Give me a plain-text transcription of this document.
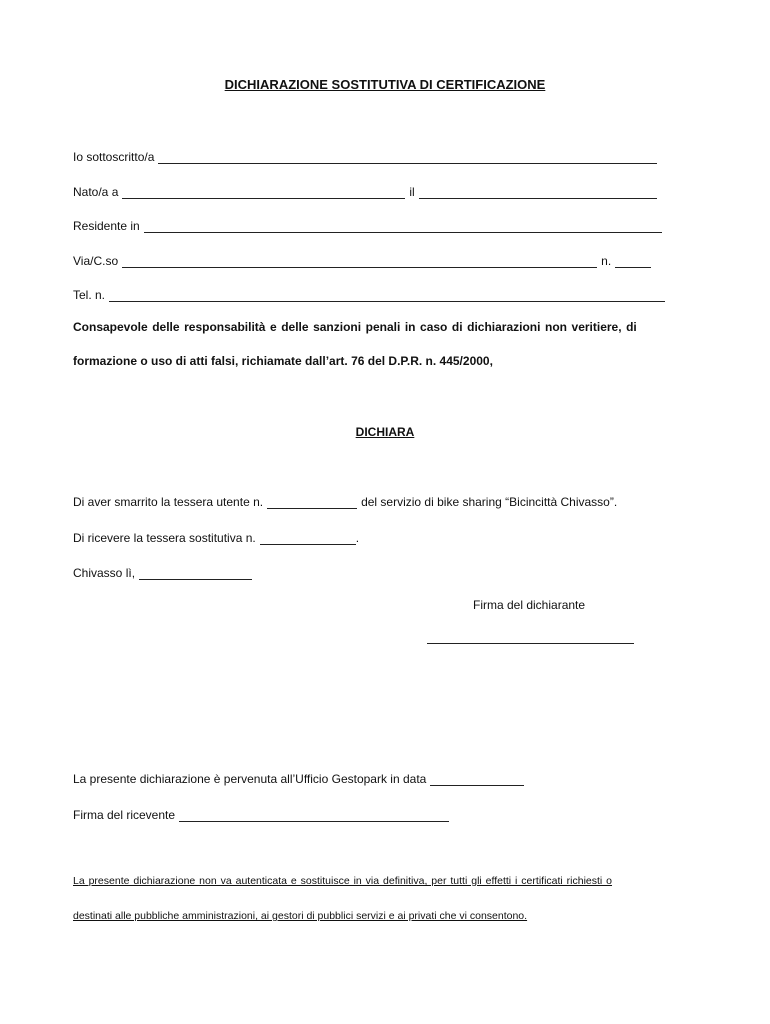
DICHIARAZIONE SOSTITUTIVA DI CERTIFICAZIONE
Io sottoscritto/a
Nato/a a	il
Residente in
Via/C.so	n.
Tel. n.
Consapevole delle responsabilità e delle sanzioni penali in caso di dichiarazioni non veritiere, di
formazione o uso di atti falsi, richiamate dall’art. 76 del D.P.R. n. 445/2000,
DICHIARA
Di aver smarrito la tessera utente n.	del servizio di bike sharing “Bicincittà Chivasso”.
Di ricevere la tessera sostitutiva n.	.
Chivasso lì,
Firma del dichiarante
La presente dichiarazione è pervenuta all’Ufficio Gestopark in data
Firma del ricevente
La presente dichiarazione non va autenticata e sostituisce in via definitiva, per tutti gli effetti i certificati richiesti o
destinati alle pubbliche amministrazioni, ai gestori di pubblici servizi e ai privati che vi consentono.
